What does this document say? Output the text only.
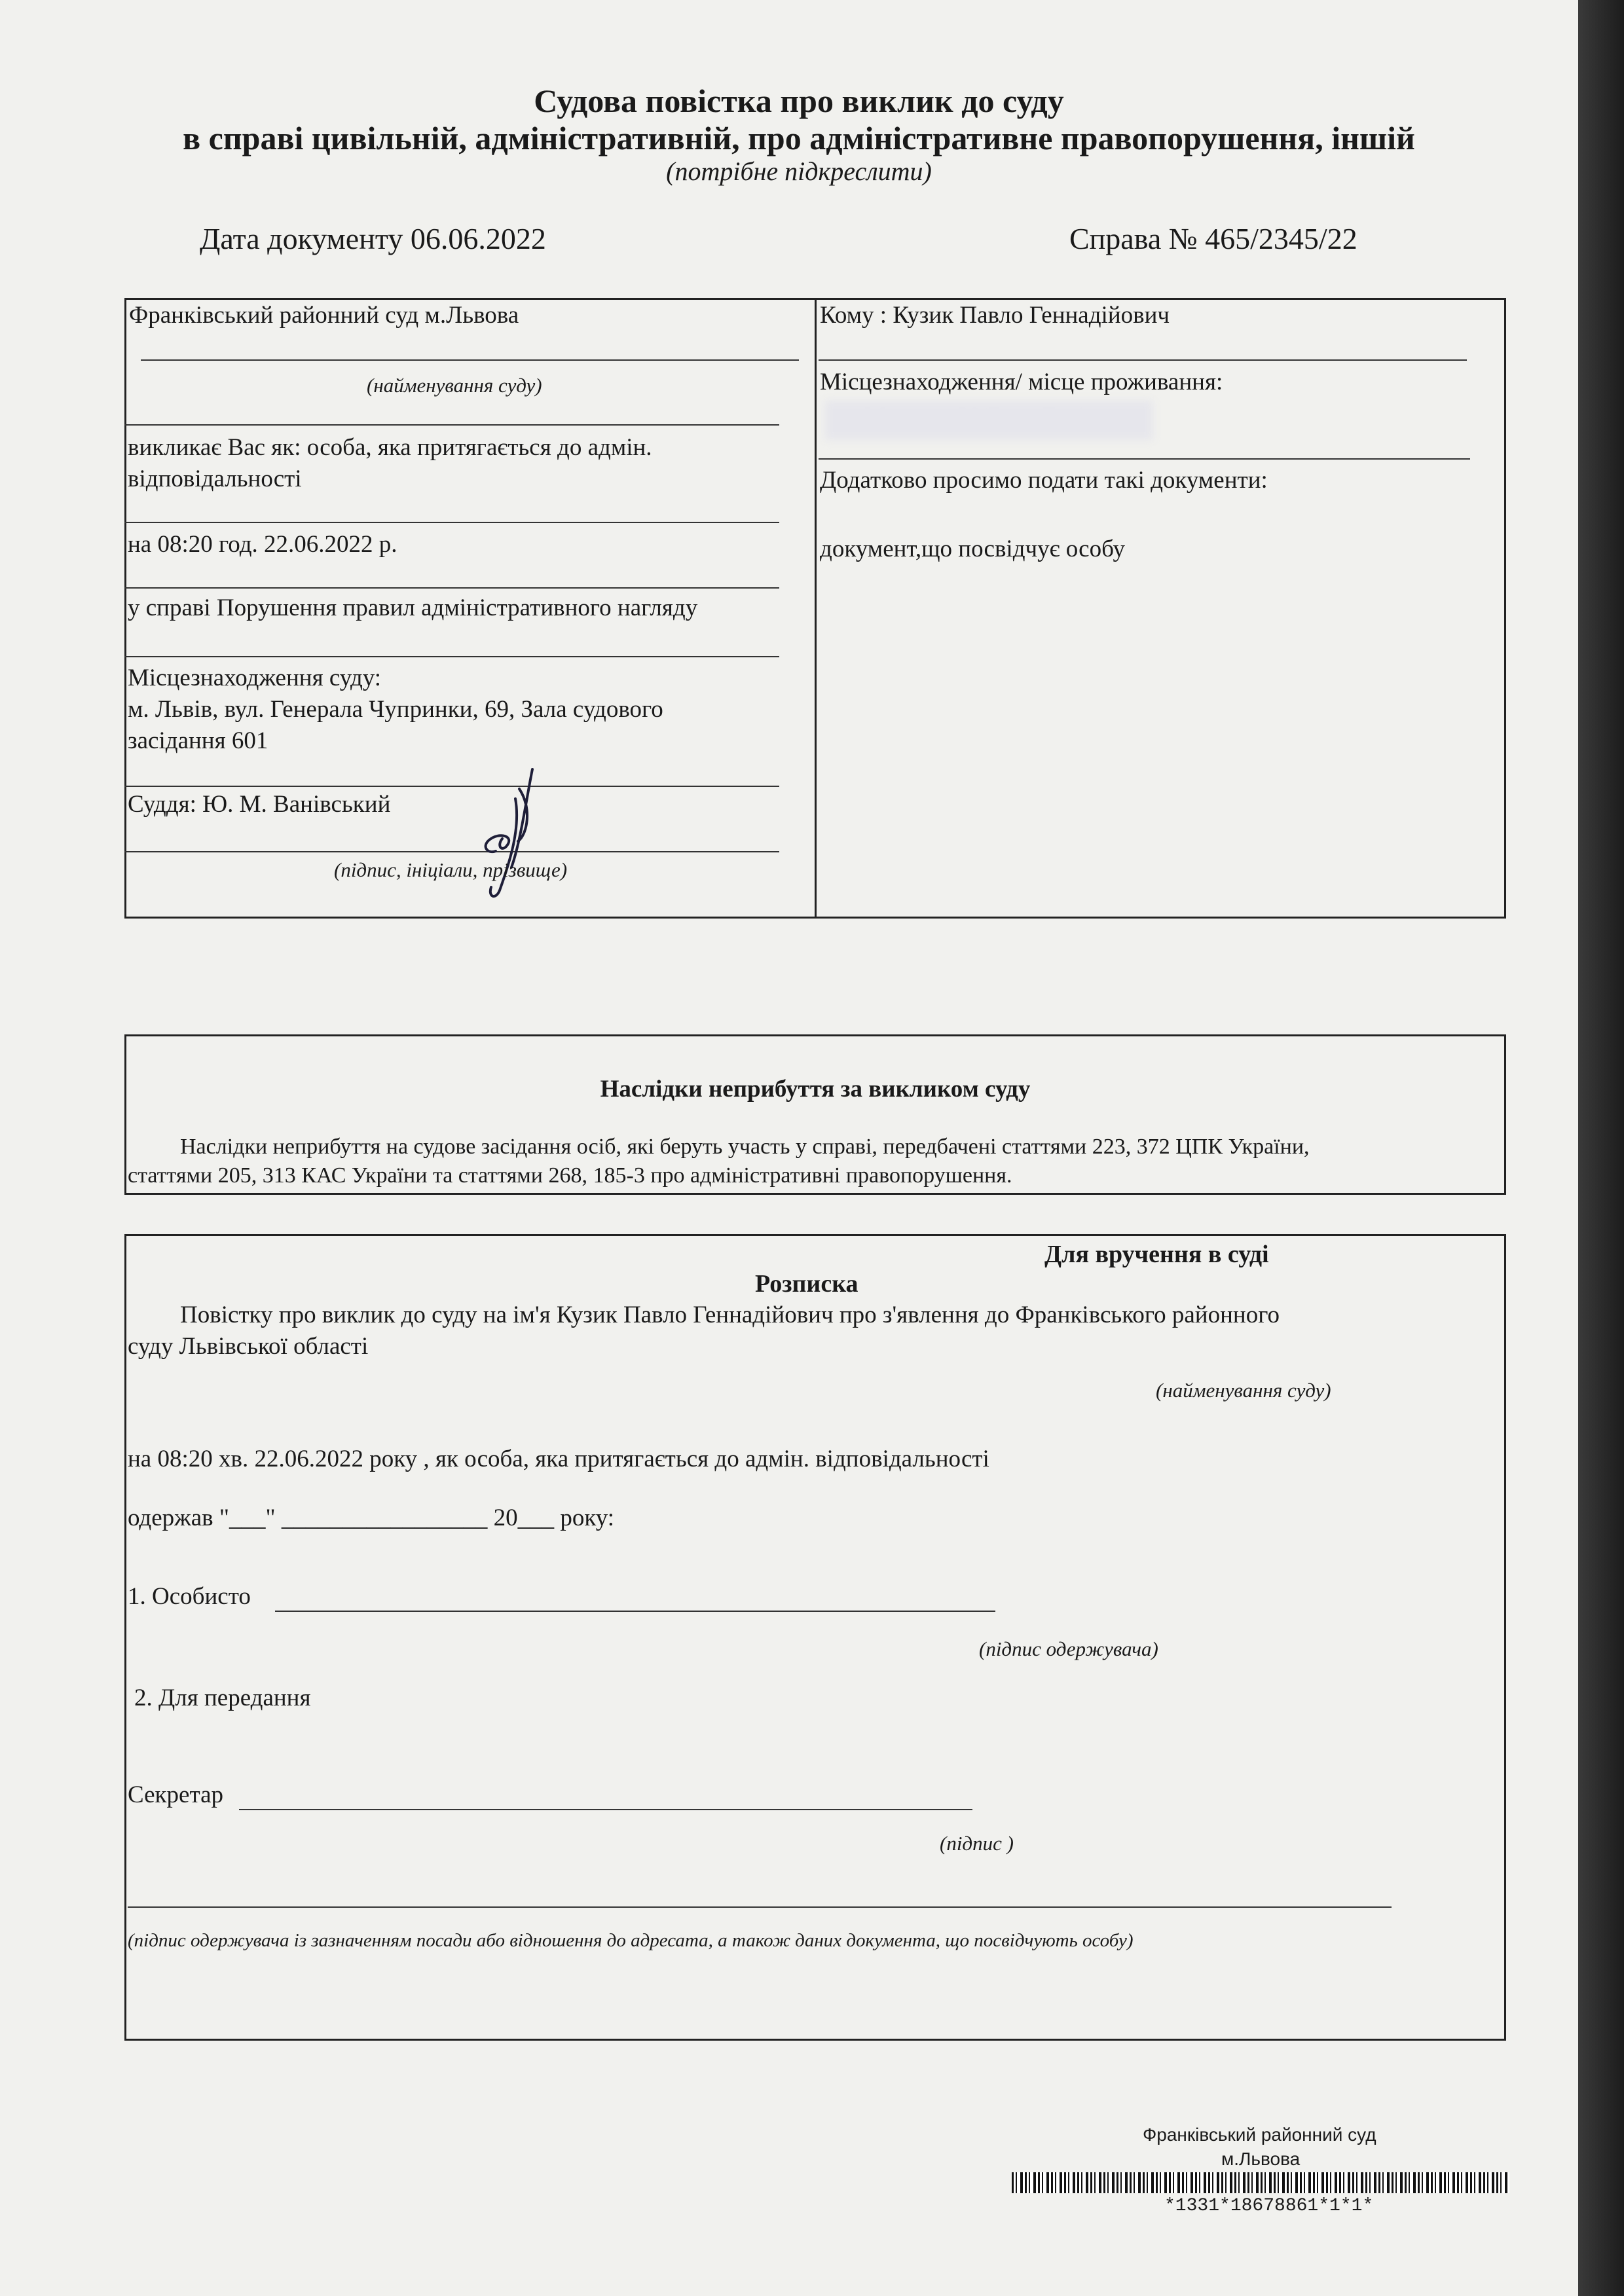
Судова повістка про виклик до суду
в справі цивільній, адміністративній, про адміністративне правопорушення, іншій
(потрібне підкреслити)
Дата документу 06.06.2022	Справа № 465/2345/22
Франківський районний суд м.Львова
(найменування суду)
викликає Вас як: особа, яка притягається до адмін.
відповідальності
на 08:20 год. 22.06.2022 р.
у справі Порушення правил адміністративного нагляду
Місцезнаходження суду:
м. Львів, вул. Генерала Чупринки, 69, Зала судового
засідання 601
Суддя: Ю. М. Ванівський
(підпис, ініціали, прізвище)
Кому : Кузик Павло Геннадійович
Місцезнаходження/ місце проживання:
Додатково просимо подати такі документи:
документ,що посвідчує особу
Наслідки неприбуття за викликом суду
Наслідки неприбуття на судове засідання осіб, які беруть участь у справі, передбачені статтями 223, 372 ЦПК України,
статтями 205, 313 КАС України та статтями 268, 185-3 про адміністративні правопорушення.
Для вручення в суді
Розписка
Повістку про виклик до суду на ім'я Кузик Павло Геннадійович про з'явлення до Франківського районного
суду Львівської області
(найменування суду)
на 08:20 хв. 22.06.2022 року , як особа, яка притягається до адмін. відповідальності
одержав "___" _________________ 20___ року:
1. Особисто
(підпис одержувача)
2. Для передання
Секретар
(підпис )
(підпис одержувача із зазначенням посади або відношення до адресата, а також даних документа, що посвідчують особу)
Франківський районний суд
м.Львова
*1331*18678861*1*1*
